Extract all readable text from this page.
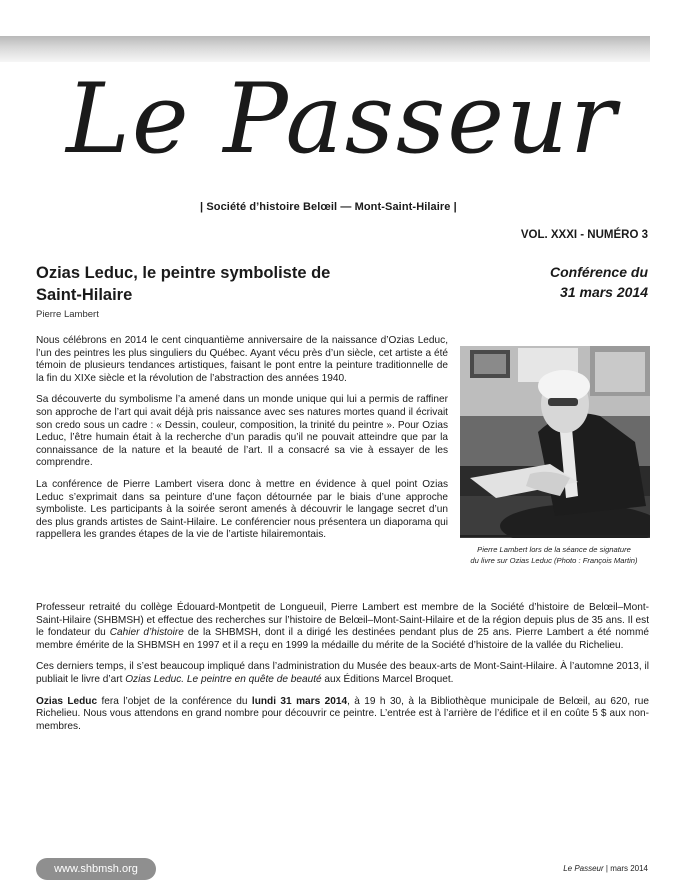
Le Passeur
| Société d’histoire Belœil — Mont-Saint-Hilaire |
VOL. XXXI - NUMÉRO 3
Ozias Leduc, le peintre symboliste de Saint-Hilaire
Pierre Lambert
Conférence du
31 mars 2014

Nous célébrons en 2014 le cent cinquantième anniversaire de la naissance d’Ozias Leduc, l’un des peintres les plus singuliers du Québec. Ayant vécu près d’un siècle, cet artiste a été témoin de plusieurs tendances artistiques, faisant le pont entre la peinture traditionnelle de la fin du XIXe siècle et la révolution de l’abstraction des années 1940.

Sa découverte du symbolisme l’a amené dans un monde unique qui lui a permis de raffiner son approche de l’art qui avait déjà pris naissance avec ses natures mortes quand il écrivait son credo sous un cadre : « Dessin, couleur, composition, la trinité du peintre ». Pour Ozias Leduc, l’être humain était à la recherche d’un paradis qu’il ne pouvait atteindre que par la connaissance de la nature et la beauté de l’art. Il a consacré sa vie à essayer de les comprendre.

La conférence de Pierre Lambert visera donc à mettre en évidence à quel point Ozias Leduc s’exprimait dans sa peinture d’une façon détournée par le biais d’une approche symboliste. Les participants à la soirée seront amenés à découvrir le langage secret d’un des plus grands artistes de Saint-Hilaire. Le conférencier nous présentera un diaporama qui rappellera les grandes étapes de la vie de l’artiste hilairemontais.

Pierre Lambert lors de la séance de signature
du livre sur Ozias Leduc (Photo : François Martin)

Professeur retraité du collège Édouard-Montpetit de Longueuil, Pierre Lambert est membre de la Société d’histoire de Belœil–Mont-Saint-Hilaire (SHBMSH) et effectue des recherches sur l’histoire de Belœil–Mont-Saint-Hilaire et de la région depuis plus de 35 ans. Il est le fondateur du Cahier d’histoire de la SHBMSH, dont il a dirigé les destinées pendant plus de 25 ans. Pierre Lambert a été nommé membre émérite de la SHBMSH en 1997 et il a reçu en 1999 la médaille du mérite de la Société d’histoire de la vallée du Richelieu.

Ces derniers temps, il s’est beaucoup impliqué dans l’administration du Musée des beaux-arts de Mont-Saint-Hilaire. À l’automne 2013, il publiait le livre d’art Ozias Leduc. Le peintre en quête de beauté aux Éditions Marcel Broquet.

Ozias Leduc fera l’objet de la conférence du lundi 31 mars 2014, à 19 h 30, à la Bibliothèque municipale de Belœil, au 620, rue Richelieu. Nous vous attendons en grand nombre pour découvrir ce peintre. L’entrée est à l’arrière de l’édifice et il en coûte 5 $ aux non-membres.

www.shbmsh.org	Le Passeur | mars 2014
